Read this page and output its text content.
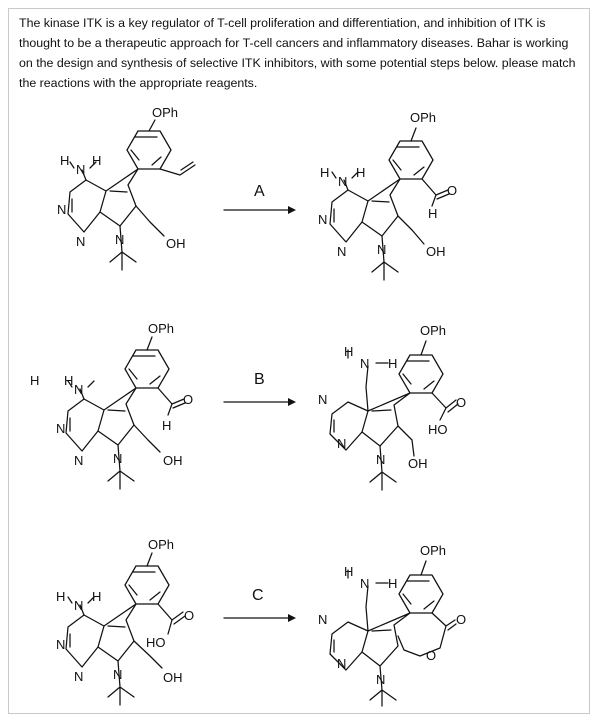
The kinase ITK is a key regulator of T-cell proliferation and differentiation, and inhibition of ITK is thought to be a therapeutic approach for T-cell cancers and inflammatory diseases. Bahar is working on the design and synthesis of selective ITK inhibitors, with some potential steps below. please match the reactions with the appropriate reagents.

OPh
H
N
H
N
N N	OH
A
OPh
H
N
H
N
N N
O
H
OH
OPh
H
N
H
N
N N
O
H
OH
B
OPh
H
N H
N
N
N
O
HO
OH
OPh
H
N
H
N
N N
O
HO
OH
C
OPh
H
N H
N
N
N
O
O
